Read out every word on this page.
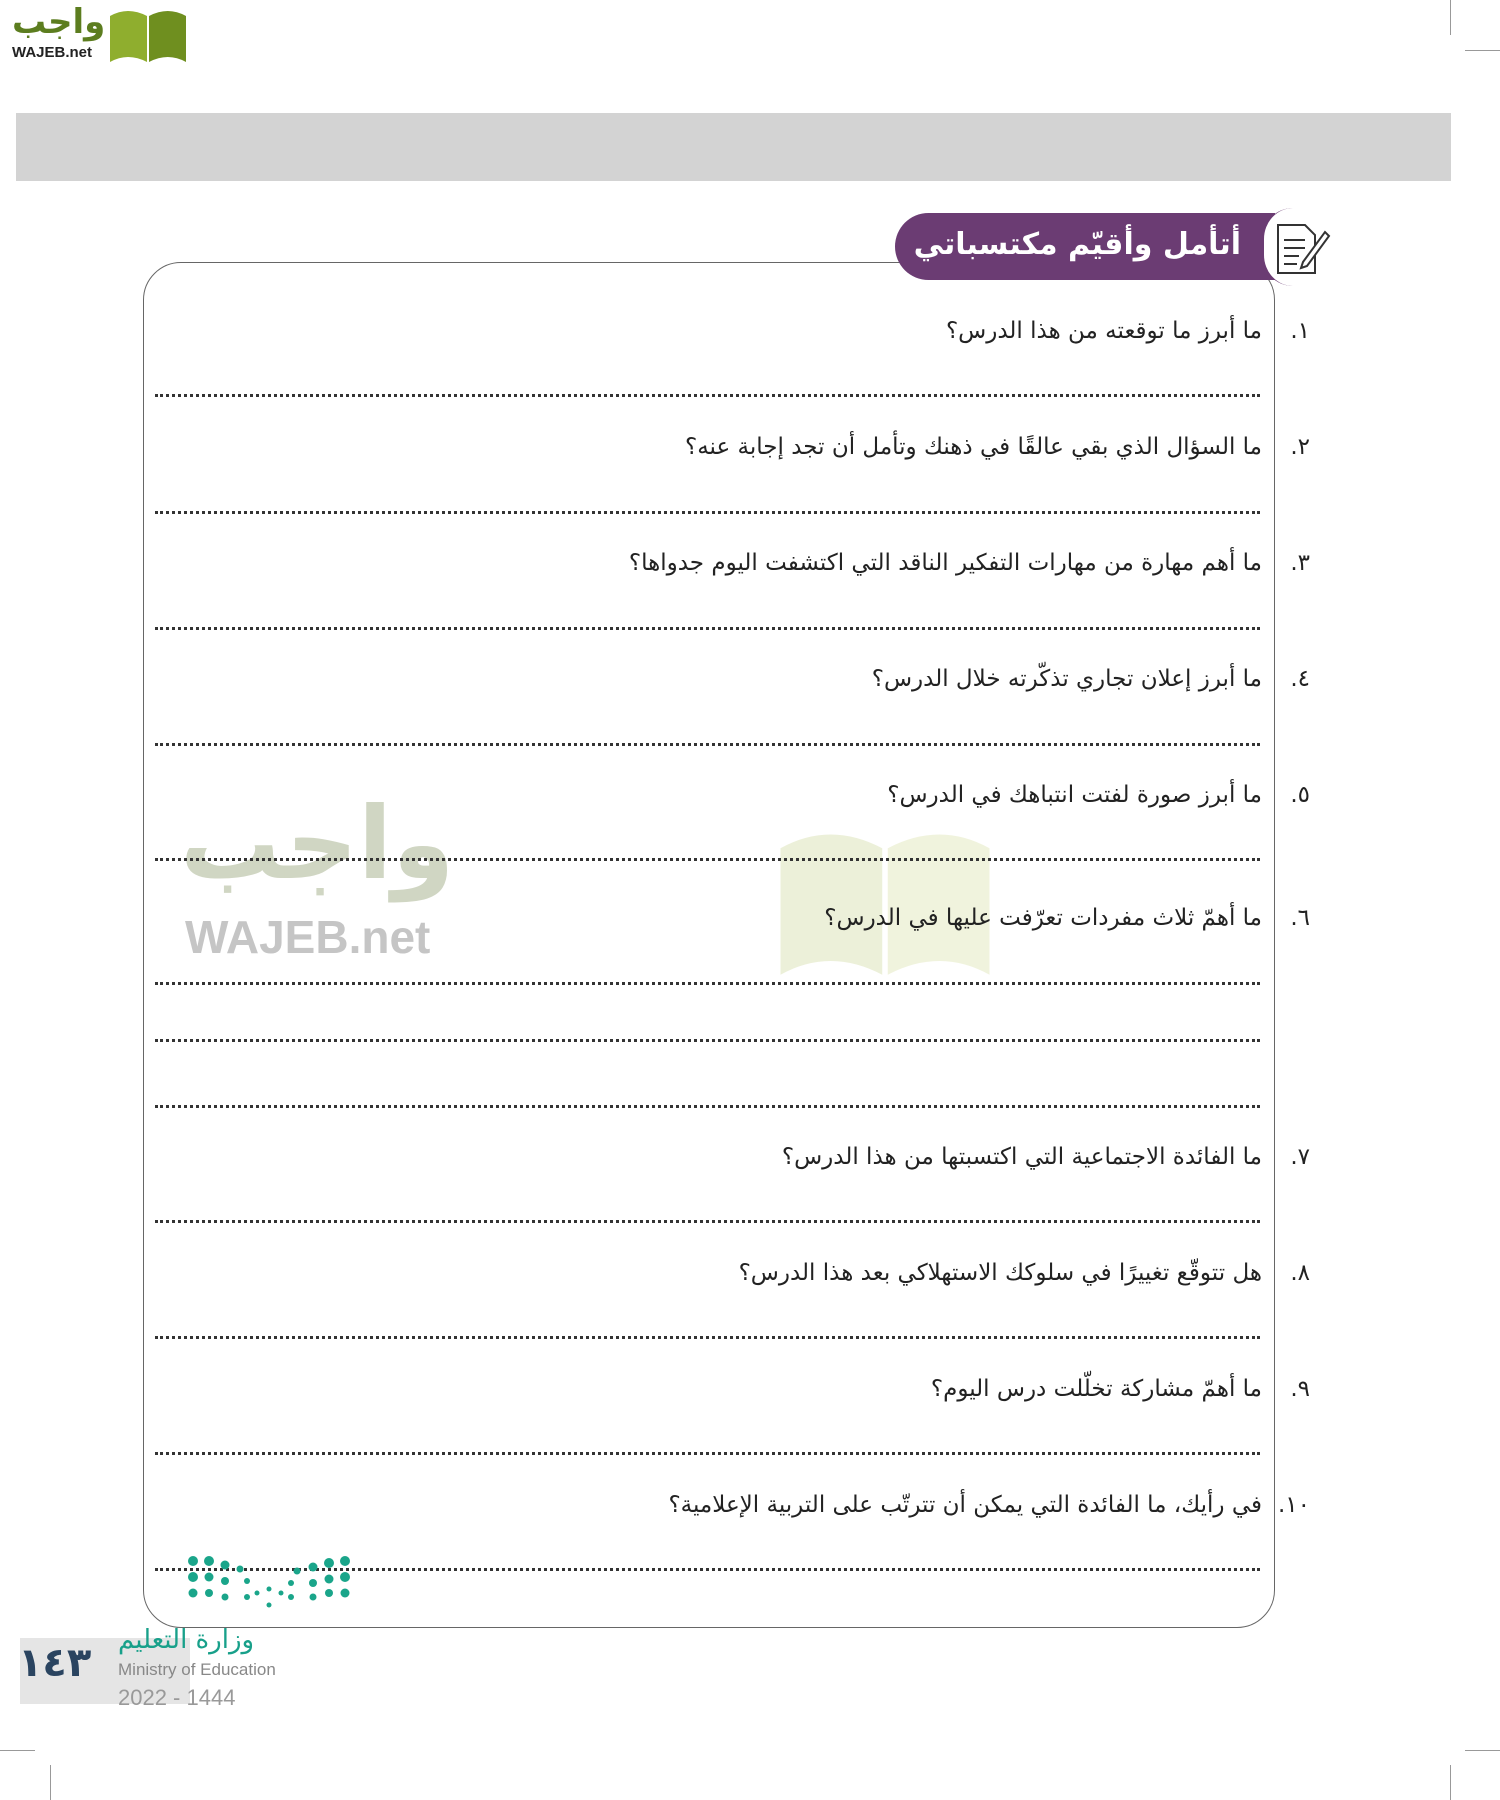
واجب
WAJEB.net
أتأمل وأقيّم مكتسباتي
واجب
WAJEB.net
١.
ما أبرز ما توقعته من هذا الدرس؟
٢.
ما السؤال الذي بقي عالقًا في ذهنك وتأمل أن تجد إجابة عنه؟
٣.
ما أهم مهارة من مهارات التفكير الناقد التي اكتشفت اليوم جدواها؟
٤.
ما أبرز إعلان تجاري تذكّرته خلال الدرس؟
٥.
ما أبرز صورة لفتت انتباهك في الدرس؟
٦.
ما أهمّ ثلاث مفردات تعرّفت عليها في الدرس؟
٧.
ما الفائدة الاجتماعية التي اكتسبتها من هذا الدرس؟
٨.
هل تتوقّع تغييرًا في سلوكك الاستهلاكي بعد هذا الدرس؟
٩.
ما أهمّ مشاركة تخلّلت درس اليوم؟
١٠.
في رأيك، ما الفائدة التي يمكن أن تترتّب على التربية الإعلامية؟
١٤٣ وزارة التعليم
Ministry of Education
2022 - 1444
